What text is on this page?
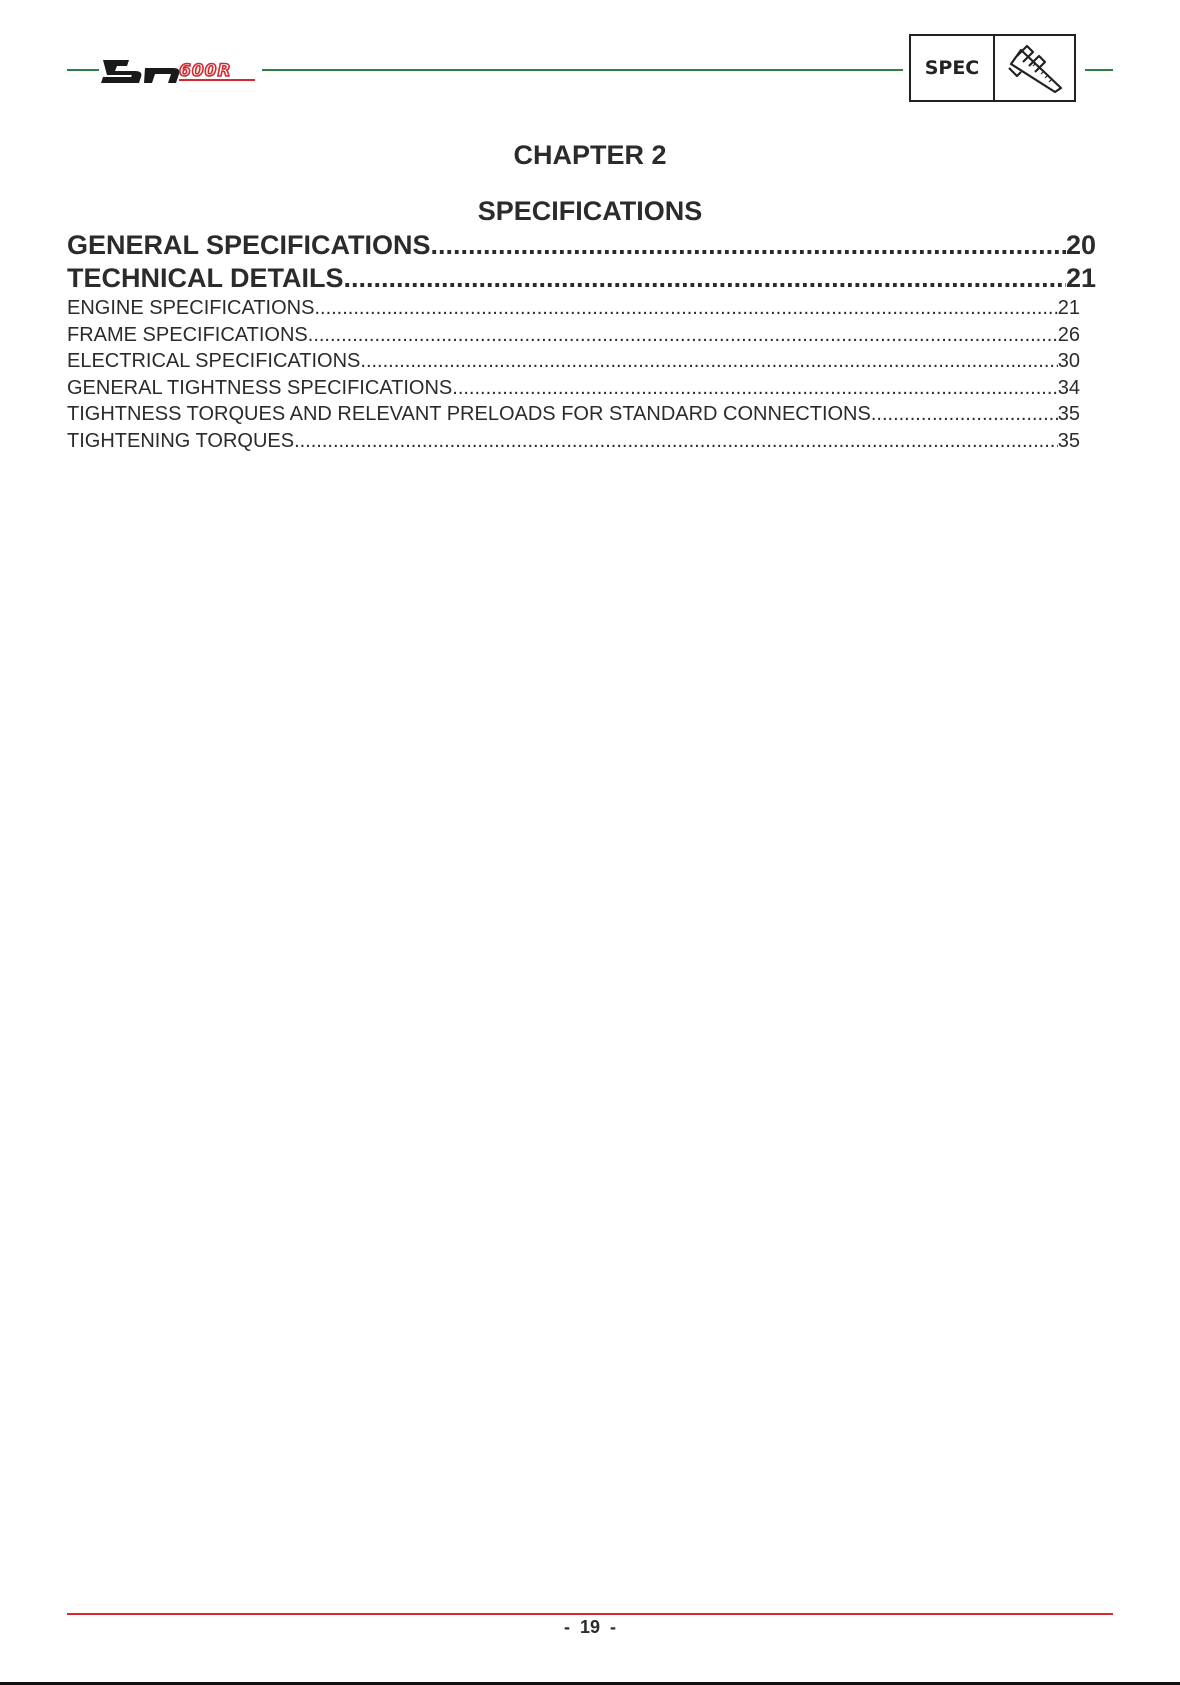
600R	SPEC
CHAPTER 2
SPECIFICATIONS
GENERAL SPECIFICATIONS .....	20
TECHNICAL DETAILS .....	21
ENGINE SPECIFICATIONS .....	21
FRAME SPECIFICATIONS .....	26
ELECTRICAL SPECIFICATIONS .....	30
GENERAL TIGHTNESS SPECIFICATIONS .....	34
TIGHTNESS TORQUES AND RELEVANT PRELOADS FOR STANDARD CONNECTIONS .....	35
TIGHTENING TORQUES .....	35
-  19  -
